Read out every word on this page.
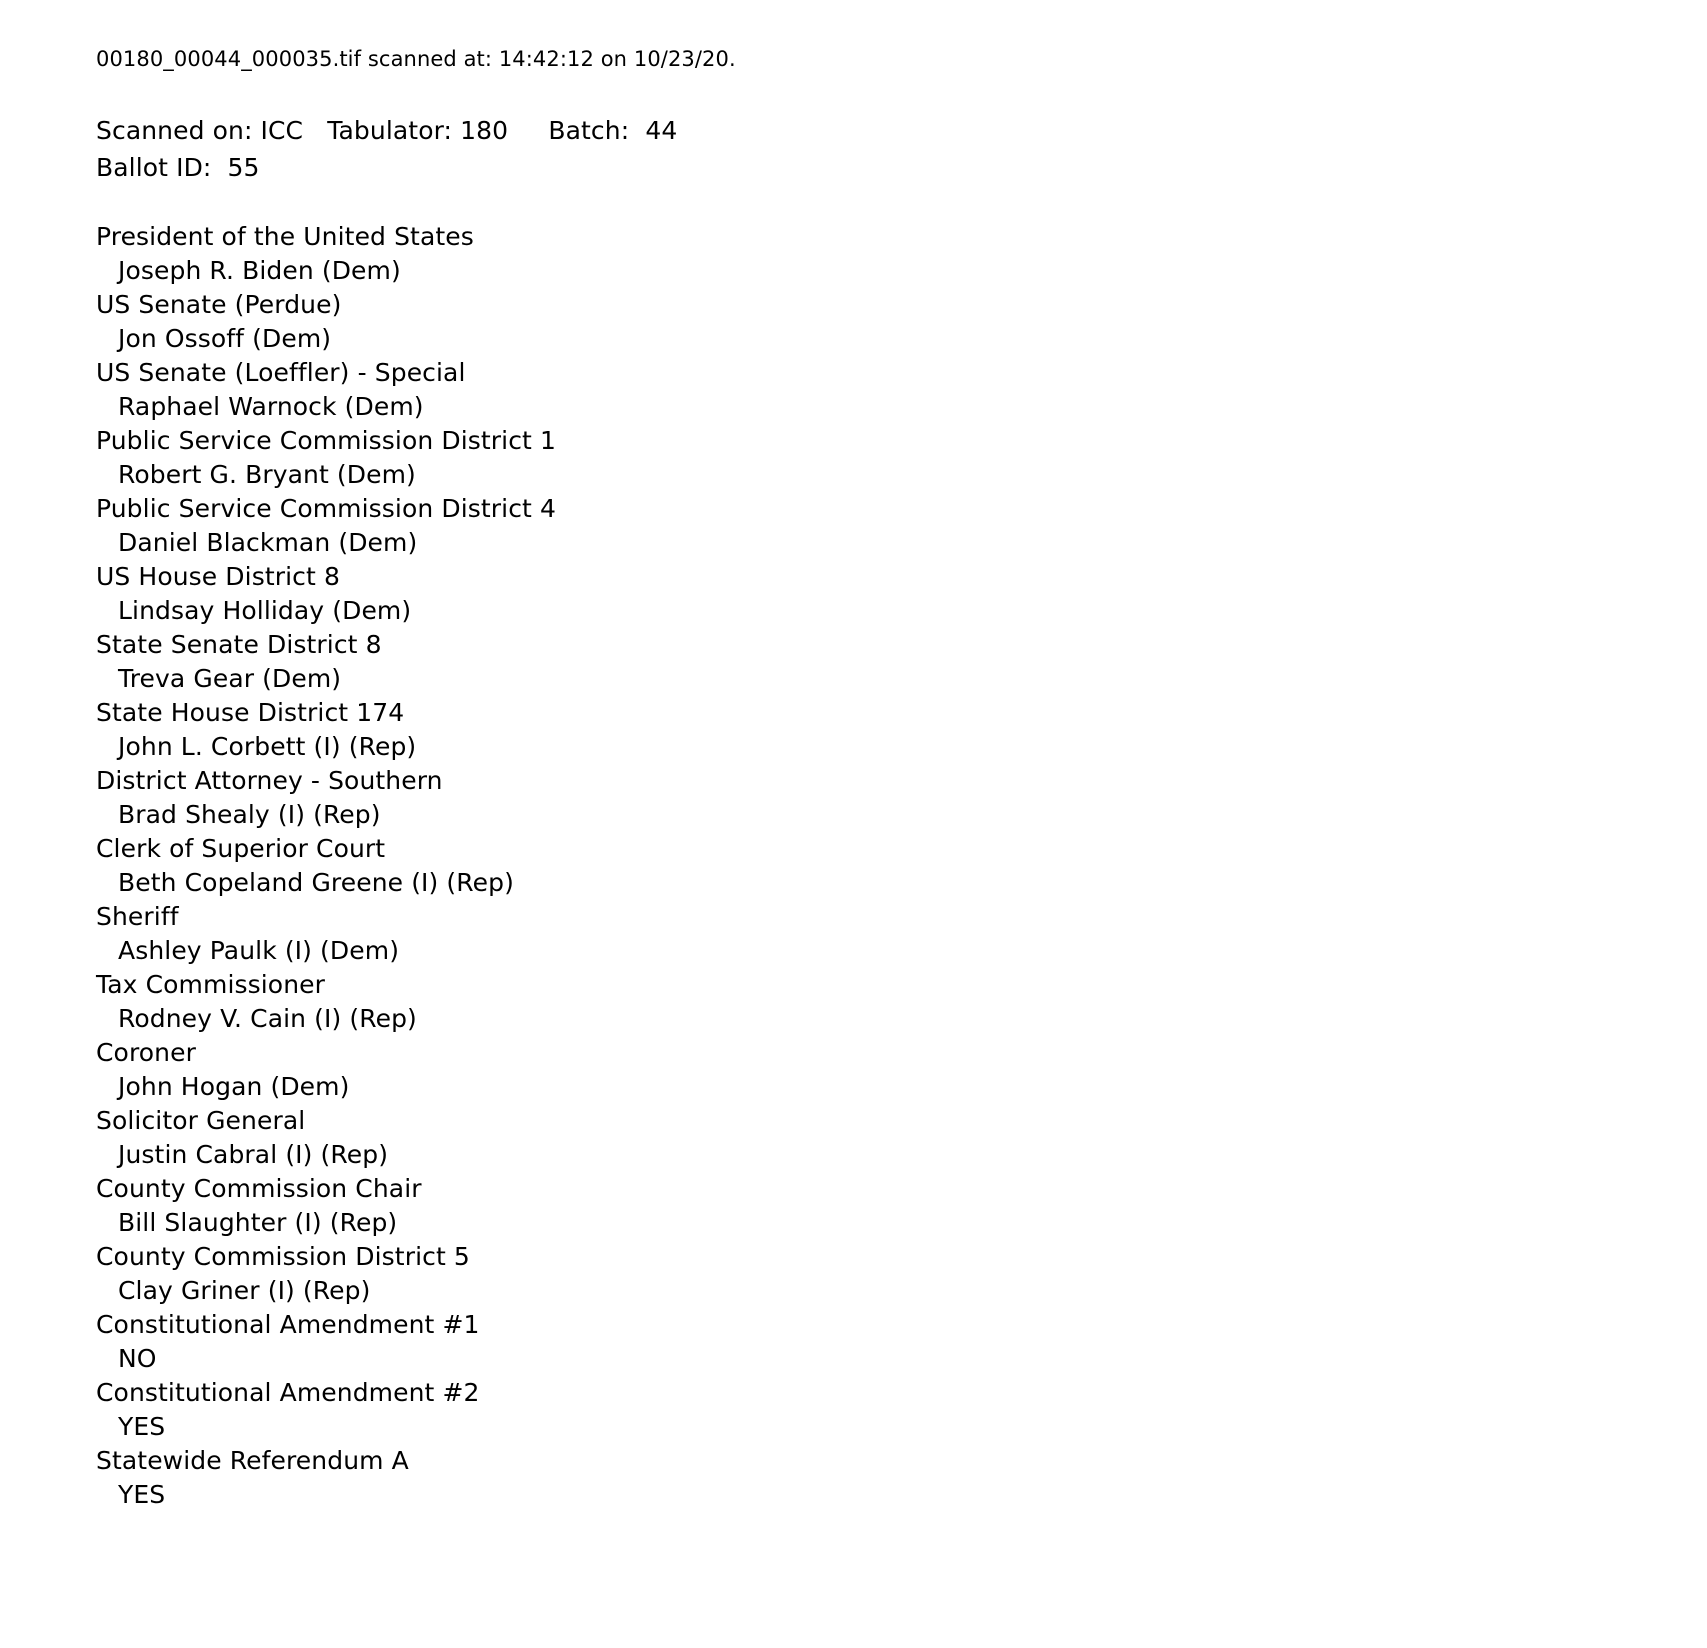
00180_00044_000035.tif scanned at: 14:42:12 on 10/23/20.
Scanned on: ICC   Tabulator: 180     Batch:  44
Ballot ID:  55
President of the United States
Joseph R. Biden (Dem)
US Senate (Perdue)
Jon Ossoff (Dem)
US Senate (Loeffler) - Special
Raphael Warnock (Dem)
Public Service Commission District 1
Robert G. Bryant (Dem)
Public Service Commission District 4
Daniel Blackman (Dem)
US House District 8
Lindsay Holliday (Dem)
State Senate District 8
Treva Gear (Dem)
State House District 174
John L. Corbett (I) (Rep)
District Attorney - Southern
Brad Shealy (I) (Rep)
Clerk of Superior Court
Beth Copeland Greene (I) (Rep)
Sheriff
Ashley Paulk (I) (Dem)
Tax Commissioner
Rodney V. Cain (I) (Rep)
Coroner
John Hogan (Dem)
Solicitor General
Justin Cabral (I) (Rep)
County Commission Chair
Bill Slaughter (I) (Rep)
County Commission District 5
Clay Griner (I) (Rep)
Constitutional Amendment #1
NO
Constitutional Amendment #2
YES
Statewide Referendum A
YES
